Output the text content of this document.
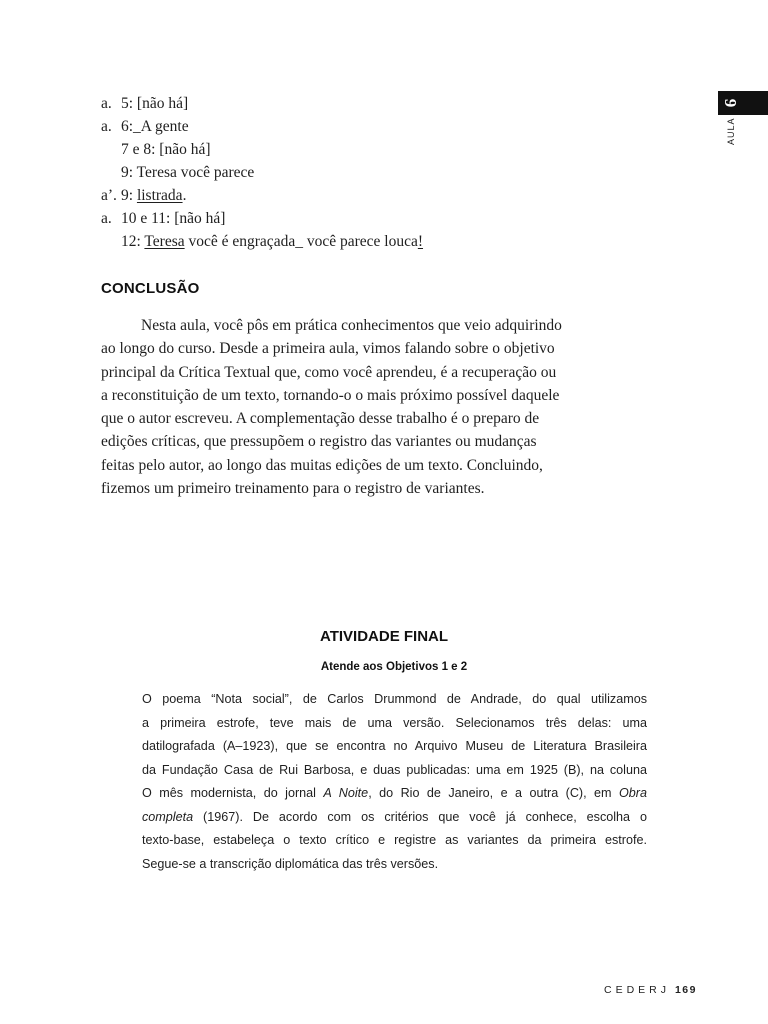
9
AULA
a. 5: [não há]
a. 6:_A gente
7 e 8: [não há]
9: Teresa você parece
a’. 9: listrada.
a. 10 e 11: [não há]
12: Teresa você é engraçada_ você parece louca!
CONCLUSÃO
Nesta aula, você pôs em prática conhecimentos que veio adquirindo
ao longo do curso. Desde a primeira aula, vimos falando sobre o objetivo
principal da Crítica Textual que, como você aprendeu, é a recuperação ou
a reconstituição de um texto, tornando-o o mais próximo possível daquele
que o autor escreveu. A complementação desse trabalho é o preparo de
edições críticas, que pressupõem o registro das variantes ou mudanças
feitas pelo autor, ao longo das muitas edições de um texto. Concluindo,
fizemos um primeiro treinamento para o registro de variantes.
ATIVIDADE FINAL
Atende aos Objetivos 1 e 2
O poema “Nota social”, de Carlos Drummond de Andrade, do qual utilizamos
a primeira estrofe, teve mais de uma versão. Selecionamos três delas: uma
datilografada (A–1923), que se encontra no Arquivo Museu de Literatura Brasileira
da Fundação Casa de Rui Barbosa, e duas publicadas: uma em 1925 (B), na coluna
O mês modernista, do jornal A Noite, do Rio de Janeiro, e a outra (C), em Obra
completa (1967). De acordo com os critérios que você já conhece, escolha o
texto-base, estabeleça o texto crítico e registre as variantes da primeira estrofe.
Segue-se a transcrição diplomática das três versões.
CEDERJ 169
